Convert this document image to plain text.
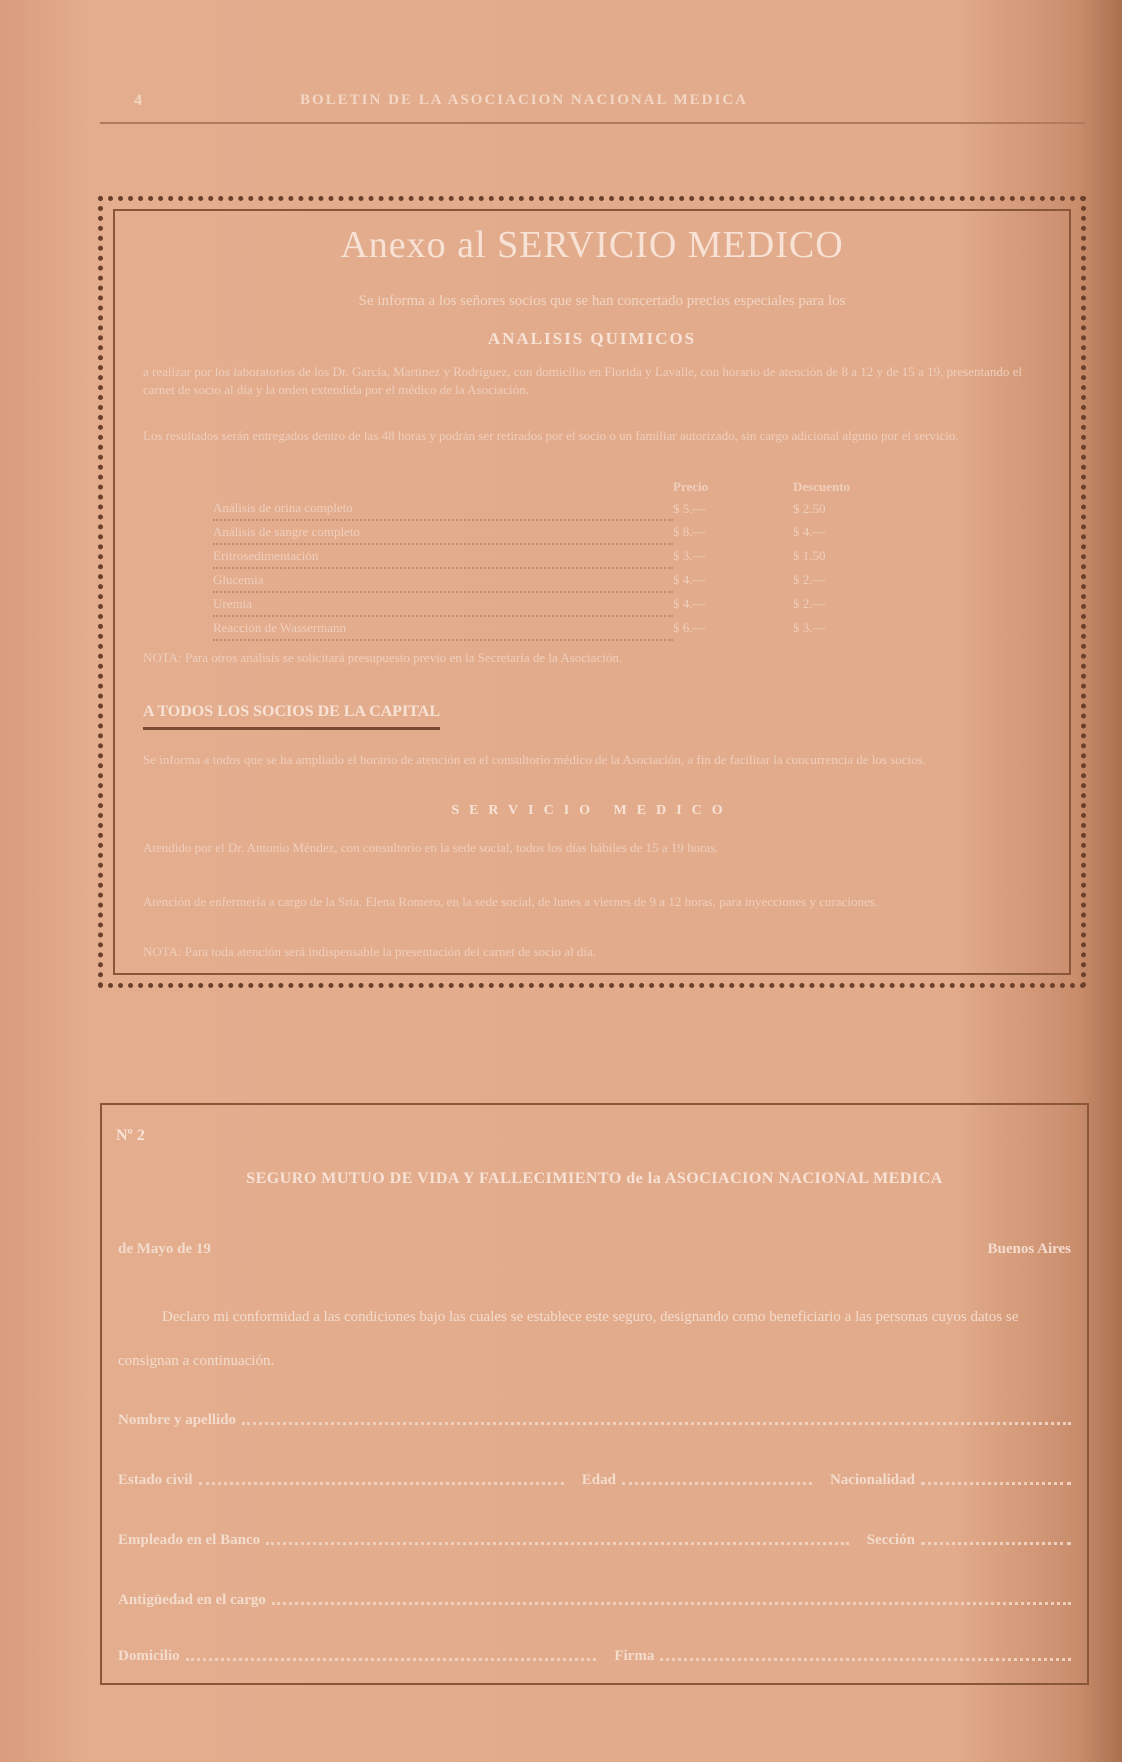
4	BOLETIN DE LA ASOCIACION NACIONAL MEDICA
Anexo al SERVICIO MEDICO
Se informa a los señores socios que se han concertado precios especiales para los
ANALISIS QUIMICOS
a realizar por los laboratorios de los Dr. García, Martínez y Rodríguez, con domicilio en Florida y Lavalle, con horario de atención de 8 a 12 y de 15 a 19, presentando el carnet de socio al día y la orden extendida por el médico de la Asociación.
Los resultados serán entregados dentro de las 48 horas y podrán ser retirados por el socio o un familiar autorizado, sin cargo adicional alguno por el servicio.
	Precio	Descuento
Análisis de orina completo	$ 5.—	$ 2.50
Análisis de sangre completo	$ 8.—	$ 4.—
Eritrosedimentación	$ 3.—	$ 1.50
Glucemia	$ 4.—	$ 2.—
Uremia	$ 4.—	$ 2.—
Reacción de Wassermann	$ 6.—	$ 3.—
NOTA: Para otros análisis se solicitará presupuesto previo en la Secretaría de la Asociación.
A TODOS LOS SOCIOS DE LA CAPITAL
Se informa a todos que se ha ampliado el horario de atención en el consultorio médico de la Asociación, a fin de facilitar la concurrencia de los socios.
SERVICIO MEDICO
Atendido por el Dr. Antonio Méndez, con consultorio en la sede social, todos los días hábiles de 15 a 19 horas.
Atención de enfermería a cargo de la Srta. Elena Romero, en la sede social, de lunes a viernes de 9 a 12 horas, para inyecciones y curaciones.
NOTA: Para toda atención será indispensable la presentación del carnet de socio al día.
Nº 2
SEGURO MUTUO DE VIDA Y FALLECIMIENTO de la ASOCIACION NACIONAL MEDICA
de Mayo de 19	Buenos Aires
Declaro mi conformidad a las condiciones bajo las cuales se establece este seguro, designando como beneficiario a las personas cuyos datos se consignan a continuación.
Nombre y apellido
Estado civil	Edad	Nacionalidad
Empleado en el Banco	Sección
Antigüedad en el cargo
Domicilio	Firma
